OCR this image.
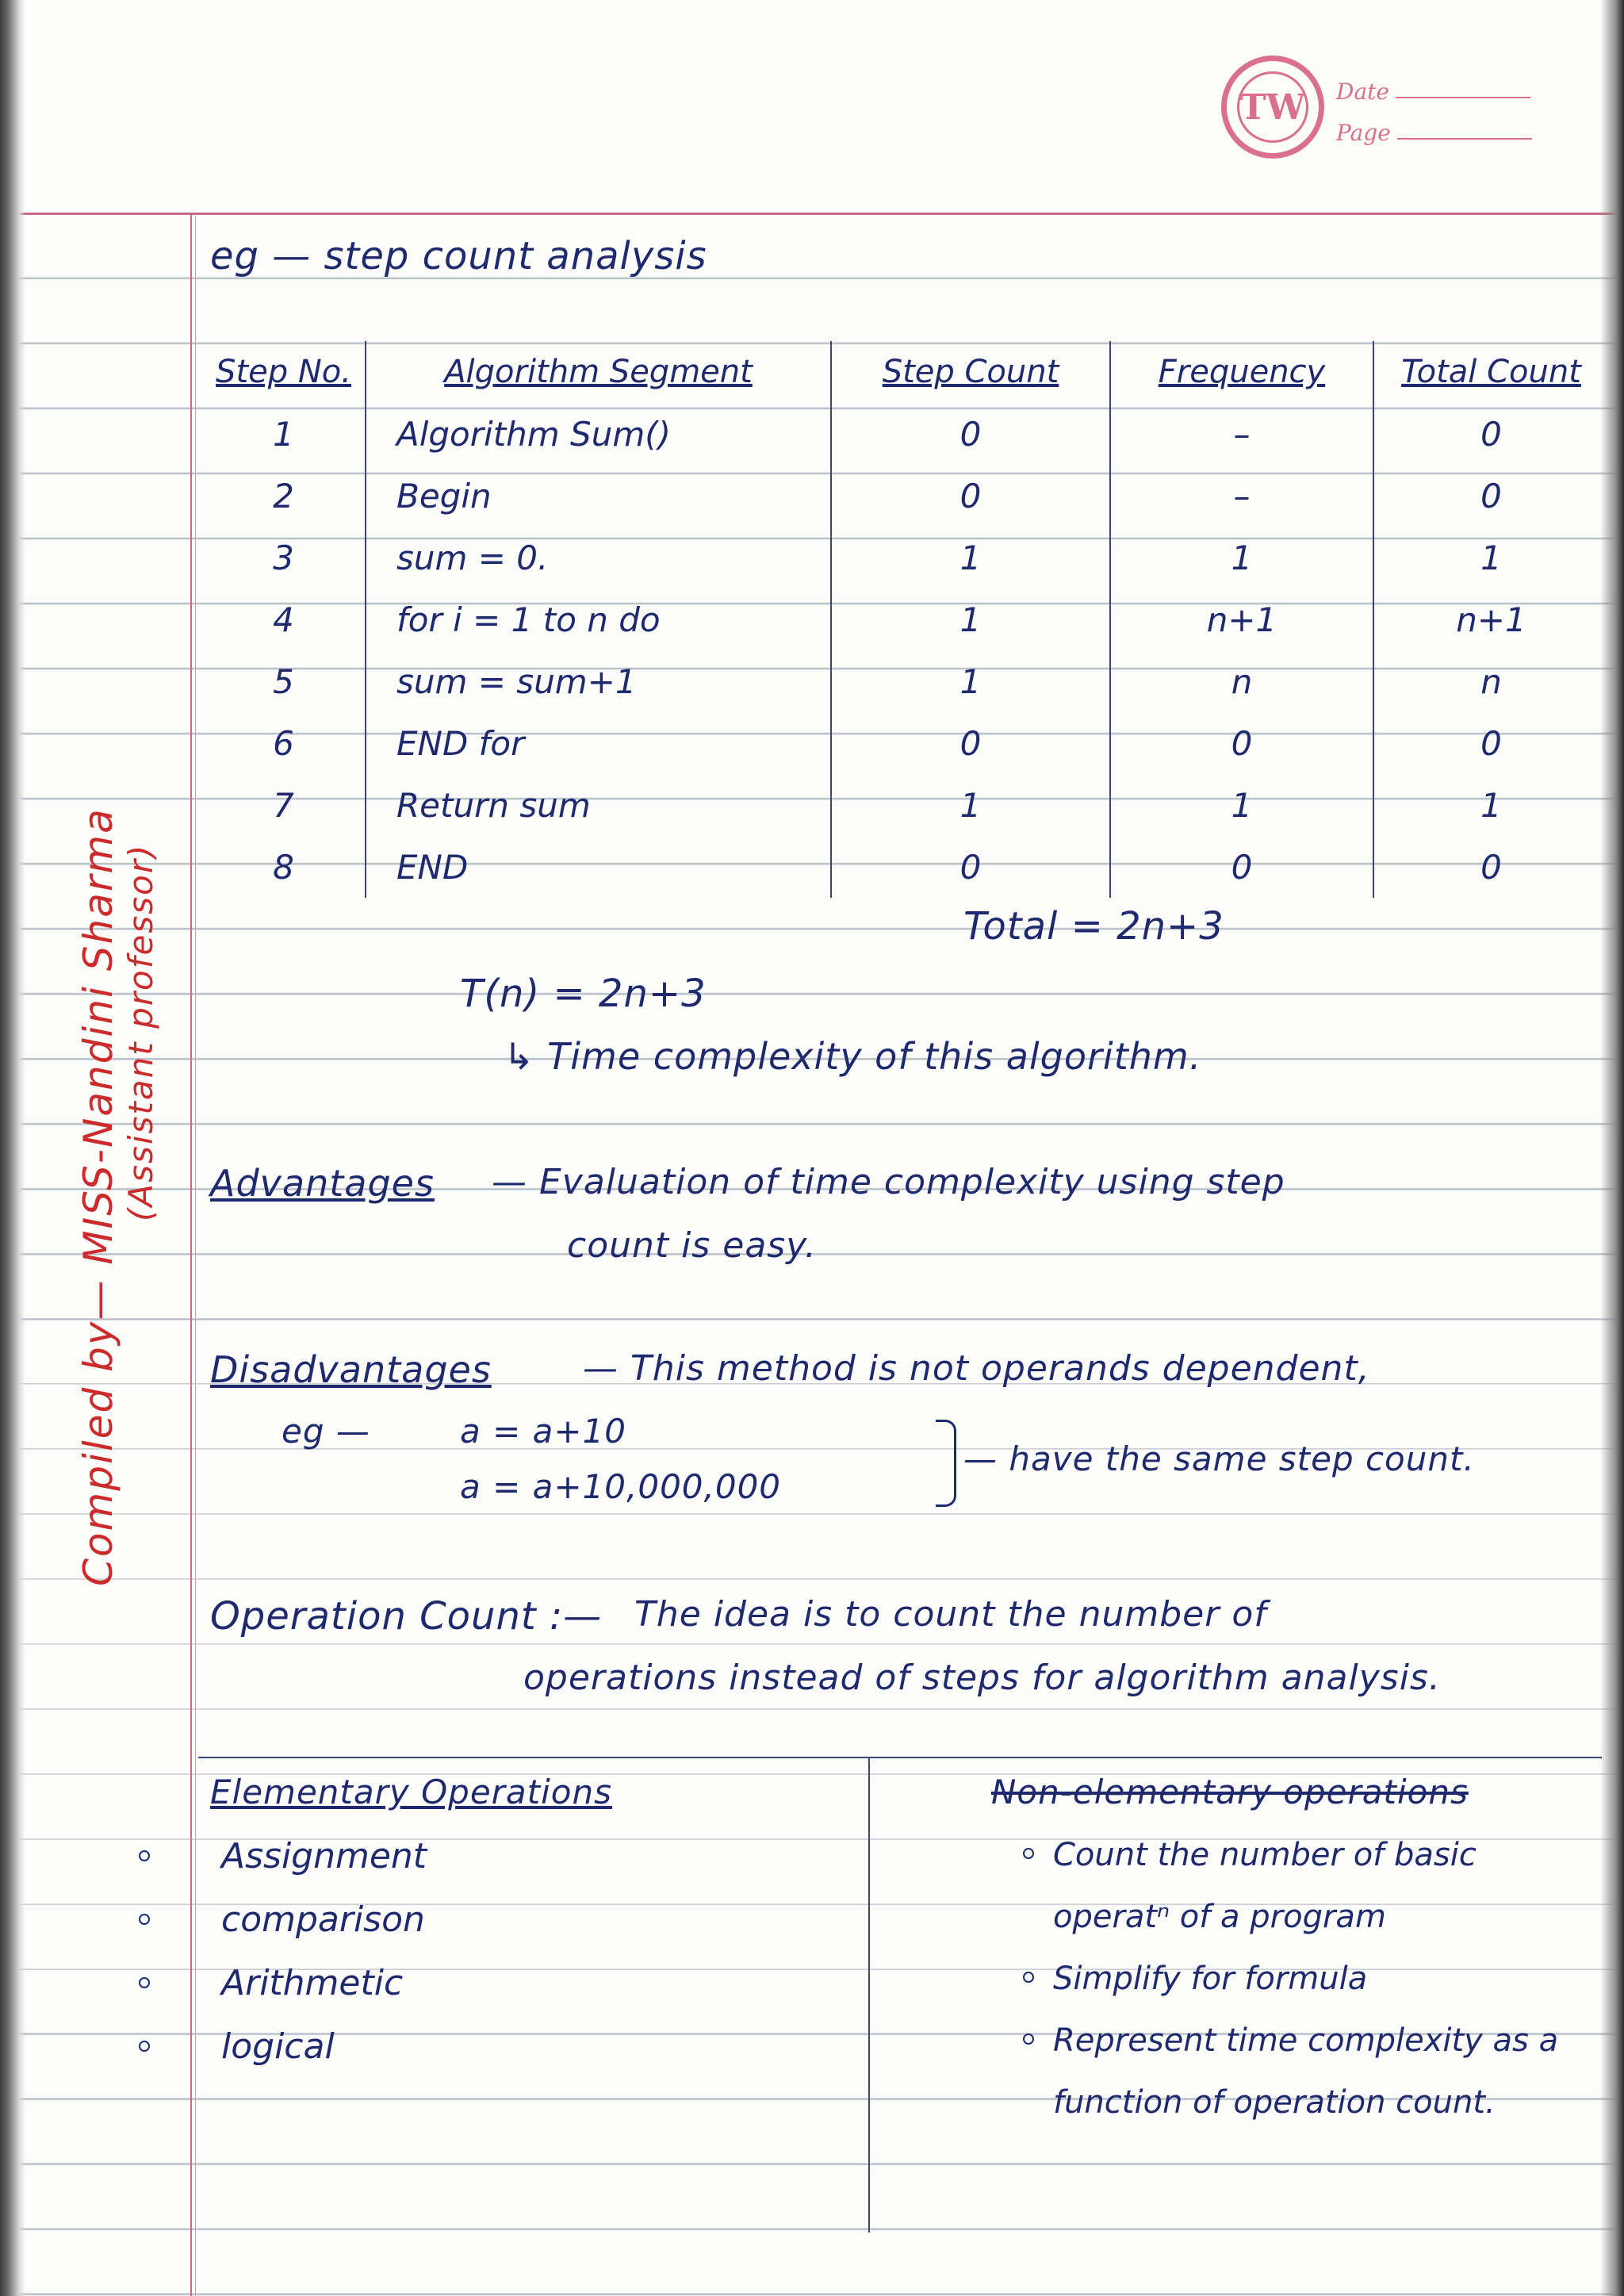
TW Date
Page
eg — step count analysis
Step No.	Algorithm Segment	Step Count	Frequency	Total Count
1	Algorithm Sum()	0	–	0
2	Begin	0	–	0
3	sum = 0.	1	1	1
4	for i = 1 to n do	1	n+1	n+1
5	sum = sum+1	1	n	n
6	END for	0	0	0
7	Return sum	1	1	1
8	END	0	0	0
Total = 2n+3
T(n) = 2n+3
↳ Time complexity of this algorithm.
Advantages — Evaluation of time complexity using step
count is easy.
Disadvantages	— This method is not operands dependent,
eg —	a = a+10
a = a+10,000,000
— have the same step count.
Operation Count :— The idea is to count the number of
operations instead of steps for algorithm analysis.
Elementary Operations	Non-elementary operations
Assignment
comparison
Arithmetic
logical
Count the number of basic operatⁿ of a program
Simplify for formula
Represent time complexity as a function of operation count.
Compiled by— MISS-Nandini Sharma (Assistant professor)
